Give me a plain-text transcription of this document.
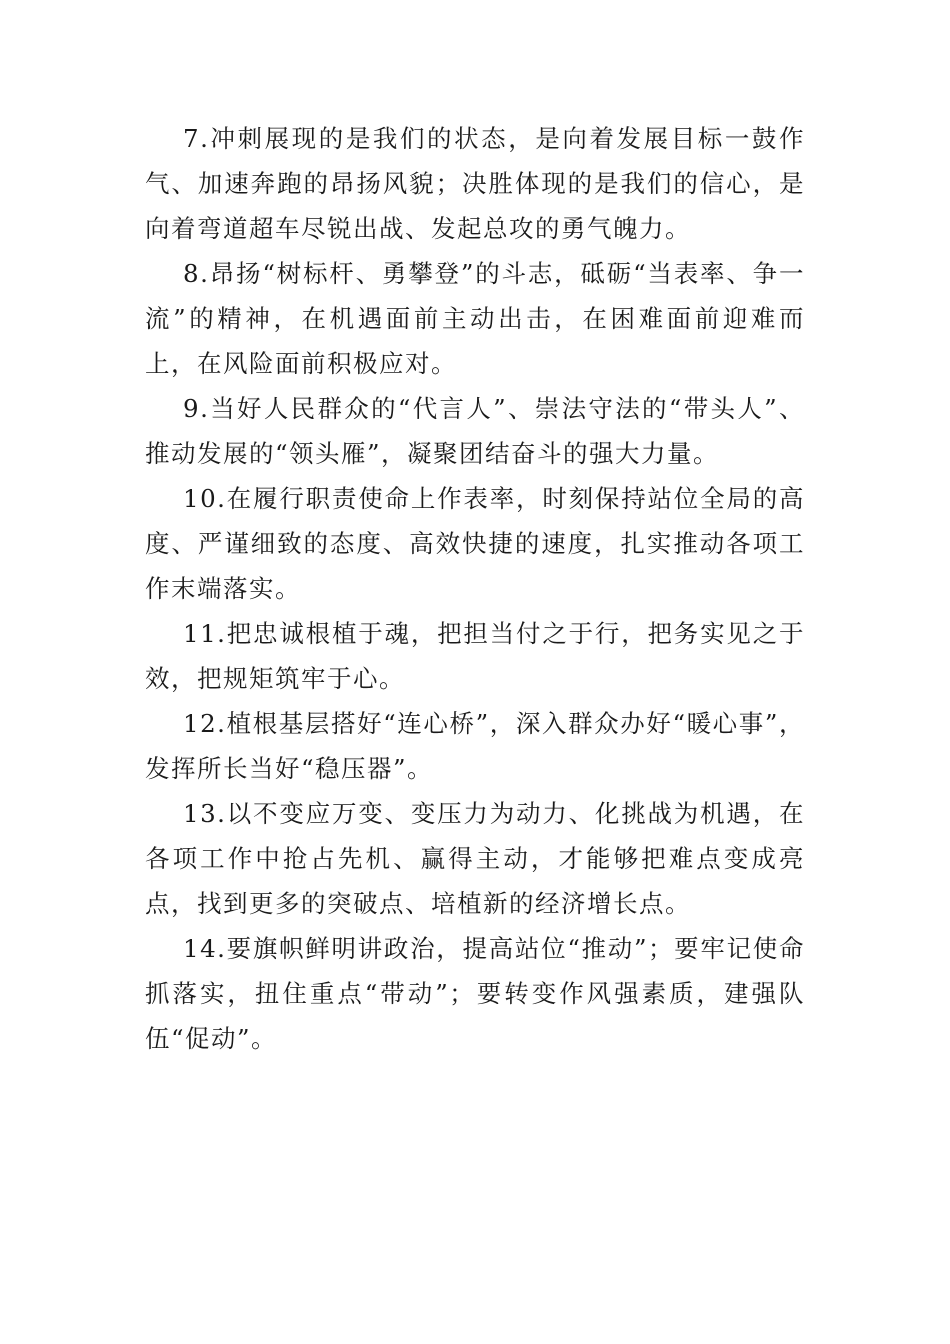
7.冲刺展现的是我们的状态，是向着发展目标一鼓作气、加速奔跑的昂扬风貌；决胜体现的是我们的信心，是向着弯道超车尽锐出战、发起总攻的勇气魄力。

8.昂扬“树标杆、勇攀登”的斗志，砥砺“当表率、争一流”的精神，在机遇面前主动出击，在困难面前迎难而上，在风险面前积极应对。

9.当好人民群众的“代言人”、崇法守法的“带头人”、推动发展的“领头雁”，凝聚团结奋斗的强大力量。

10.在履行职责使命上作表率，时刻保持站位全局的高度、严谨细致的态度、高效快捷的速度，扎实推动各项工作末端落实。

11.把忠诚根植于魂，把担当付之于行，把务实见之于效，把规矩筑牢于心。

12.植根基层搭好“连心桥”，深入群众办好“暖心事”，发挥所长当好“稳压器”。

13.以不变应万变、变压力为动力、化挑战为机遇，在各项工作中抢占先机、赢得主动，才能够把难点变成亮点，找到更多的突破点、培植新的经济增长点。

14.要旗帜鲜明讲政治，提高站位“推动”；要牢记使命抓落实，扭住重点“带动”；要转变作风强素质，建强队伍“促动”。
